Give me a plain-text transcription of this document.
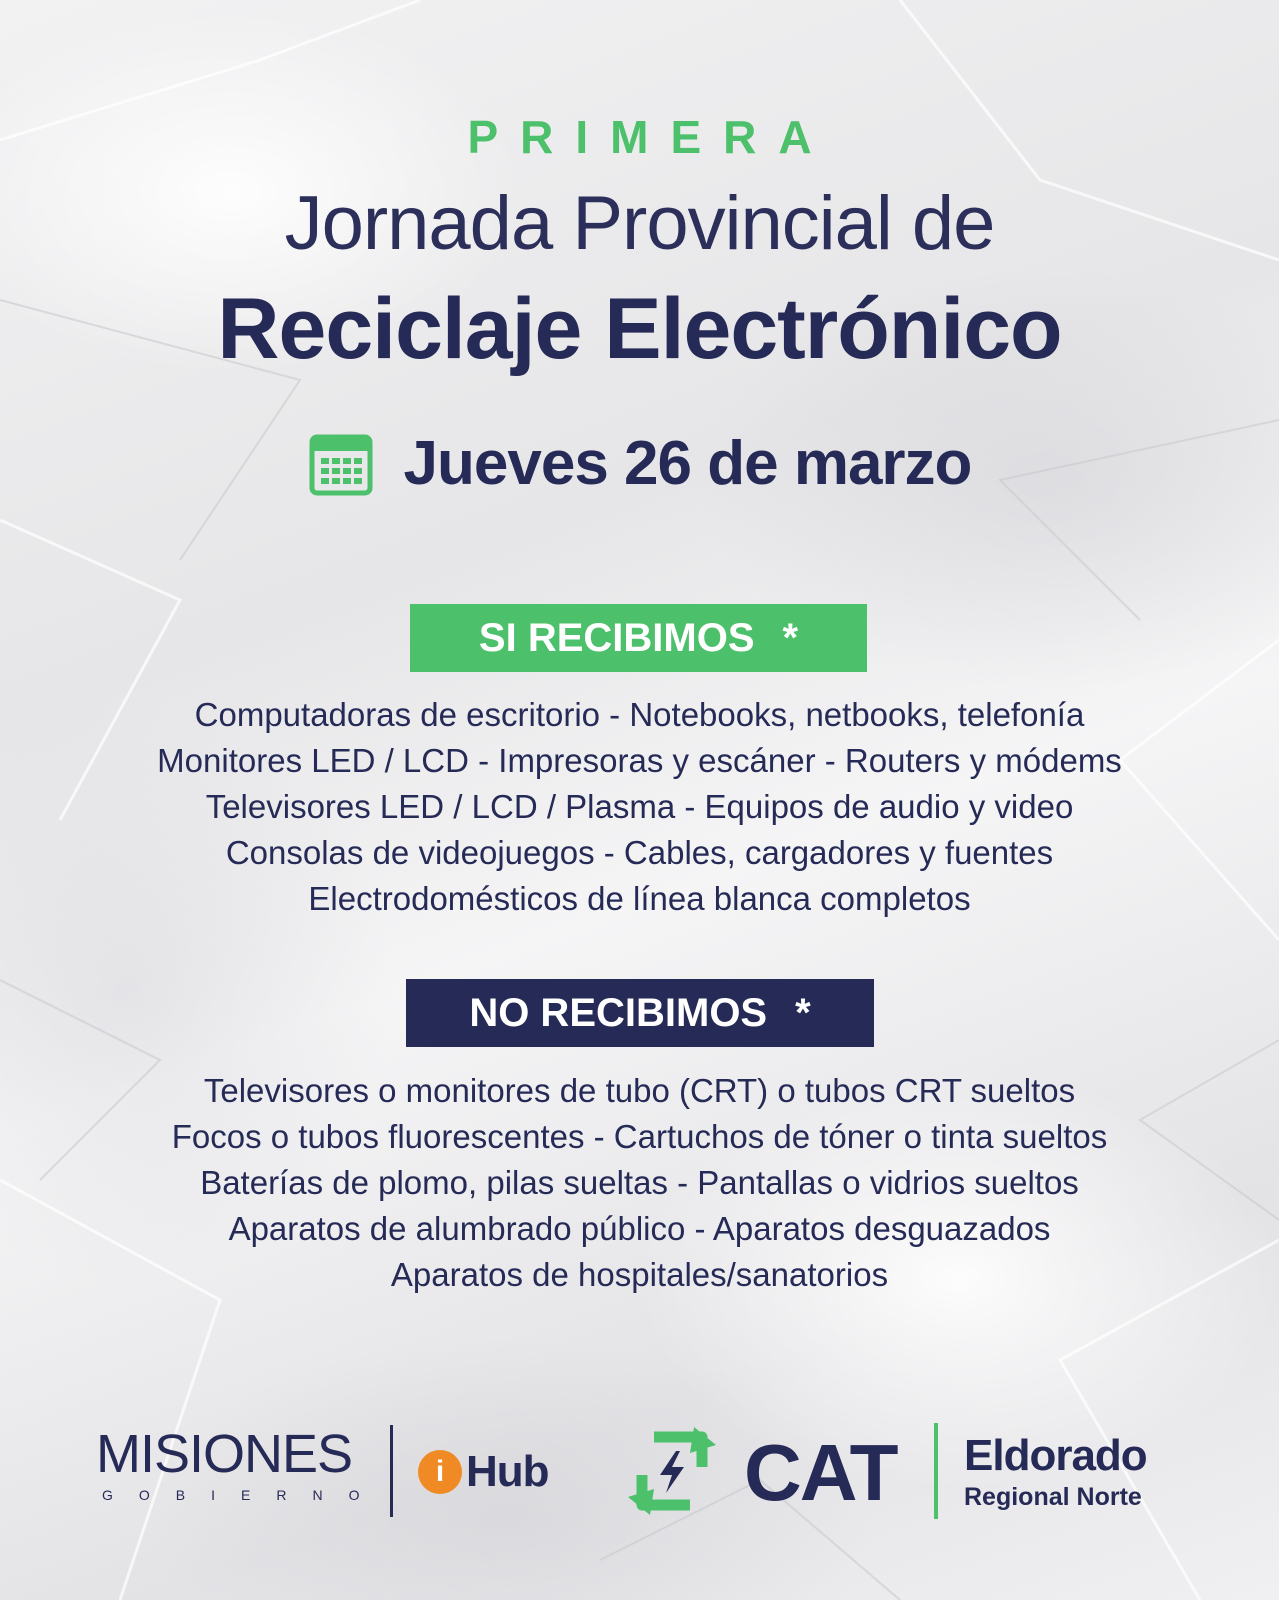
PRIMERA
Jornada Provincial de
Reciclaje Electrónico
Jueves 26 de marzo
SI RECIBIMOS *
Computadoras de escritorio - Notebooks, netbooks, telefonía
Monitores LED / LCD - Impresoras y escáner - Routers y módems
Televisores LED / LCD / Plasma - Equipos de audio y video
Consolas de videojuegos - Cables, cargadores y fuentes
Electrodomésticos de línea blanca completos
NO RECIBIMOS *
Televisores o monitores de tubo (CRT) o tubos CRT sueltos
Focos o tubos fluorescentes - Cartuchos de tóner o tinta sueltos
Baterías de plomo, pilas sueltas - Pantallas o vidrios sueltos
Aparatos de alumbrado público - Aparatos desguazados
Aparatos de hospitales/sanatorios
MISIONES
GOBIERNO
i Hub CAT Eldorado
Regional Norte
